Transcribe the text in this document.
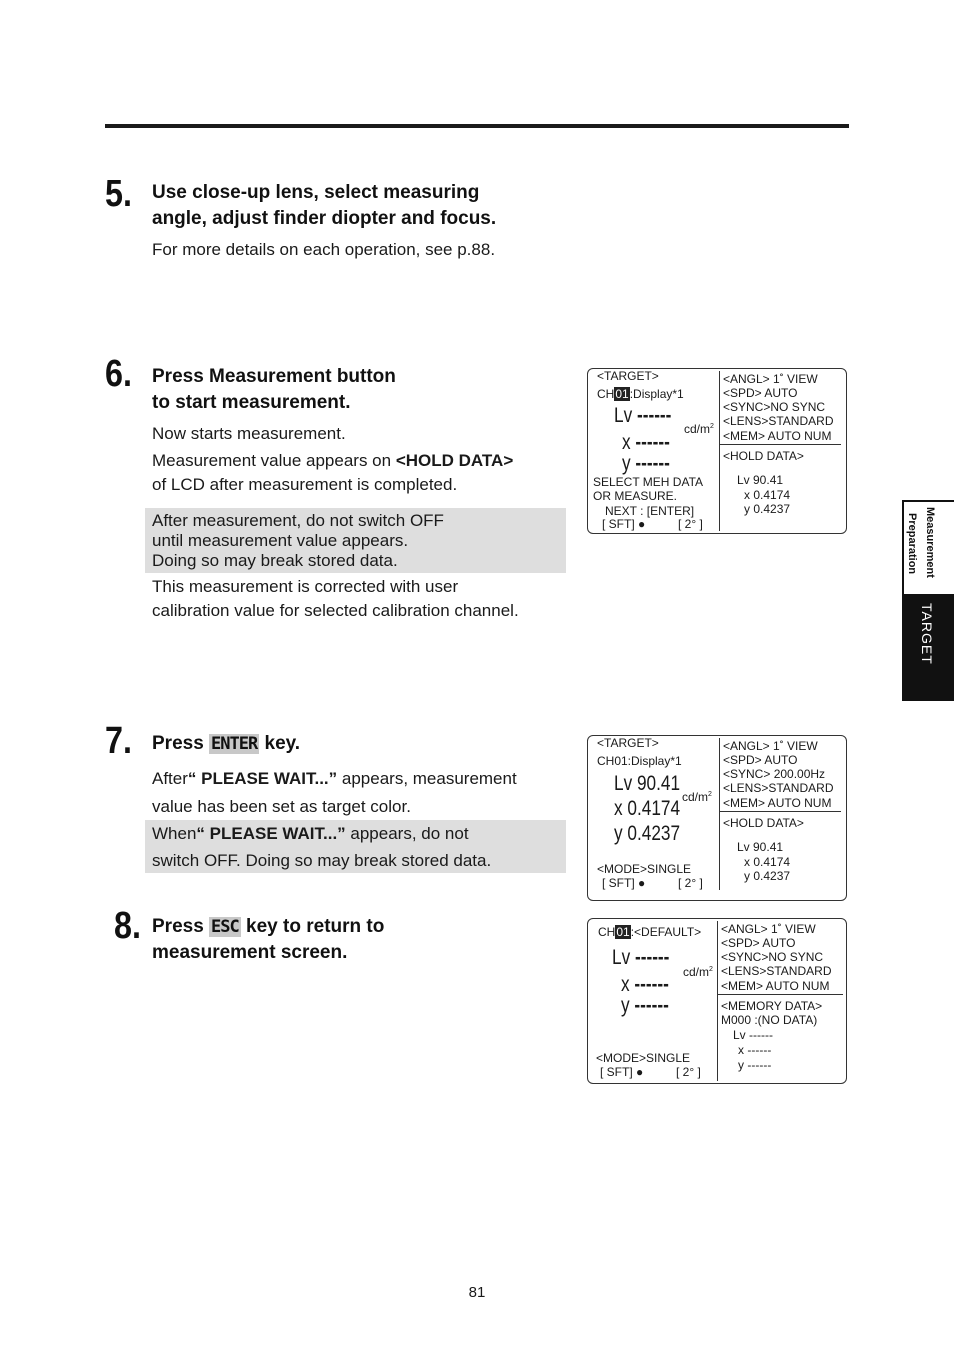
5. Use close-up lens, select measuring
angle, adjust finder diopter and focus.
For more details on each operation, see p.88.
6. Press Measurement button
to start measurement.
Now starts measurement.
Measurement value appears on <HOLD DATA>
of LCD after measurement is completed.
After measurement, do not switch OFF
until measurement value appears.
Doing so may break stored data.
This measurement is corrected with user
calibration value for selected calibration channel.
<TARGET>
CH01:Display*1
Lv ------
$cd/m^2$
x ------
y ------
SELECT MEH DATA
OR MEASURE.
NEXT : [ENTER]
[ SFT] ●	[ 2° ]
<ANGL> 1˚ VIEW
<SPD> AUTO
<SYNC>NO SYNC
<LENS>STANDARD
<MEM> AUTO NUM
<HOLD DATA>
Lv 90.41
x 0.4174
y 0.4237
7. Press ENTER key.
After“ PLEASE WAIT...” appears, measurement
value has been set as target color.
When“ PLEASE WAIT...” appears, do not
switch OFF. Doing so may break stored data.
<TARGET>
CH01:Display*1
Lv 90.41
$cd/m^2$
x 0.4174
y 0.4237
<MODE>SINGLE
[ SFT] ●	[ 2° ]
<ANGL> 1˚ VIEW
<SPD> AUTO
<SYNC> 200.00Hz
<LENS>STANDARD
<MEM> AUTO NUM
<HOLD DATA>
Lv 90.41
x 0.4174
y 0.4237
8. Press ESC key to return to
measurement screen.
CH01:<DEFAULT>
Lv ------
$cd/m^2$
x ------
y ------
<MODE>SINGLE
[ SFT] ●	[ 2° ]
<ANGL> 1˚ VIEW
<SPD> AUTO
<SYNC>NO SYNC
<LENS>STANDARD
<MEM> AUTO NUM
<MEMORY DATA>
M000 :(NO DATA)
Lv ------
x ------
y ------
Measurement
Preparation
TARGET
81
